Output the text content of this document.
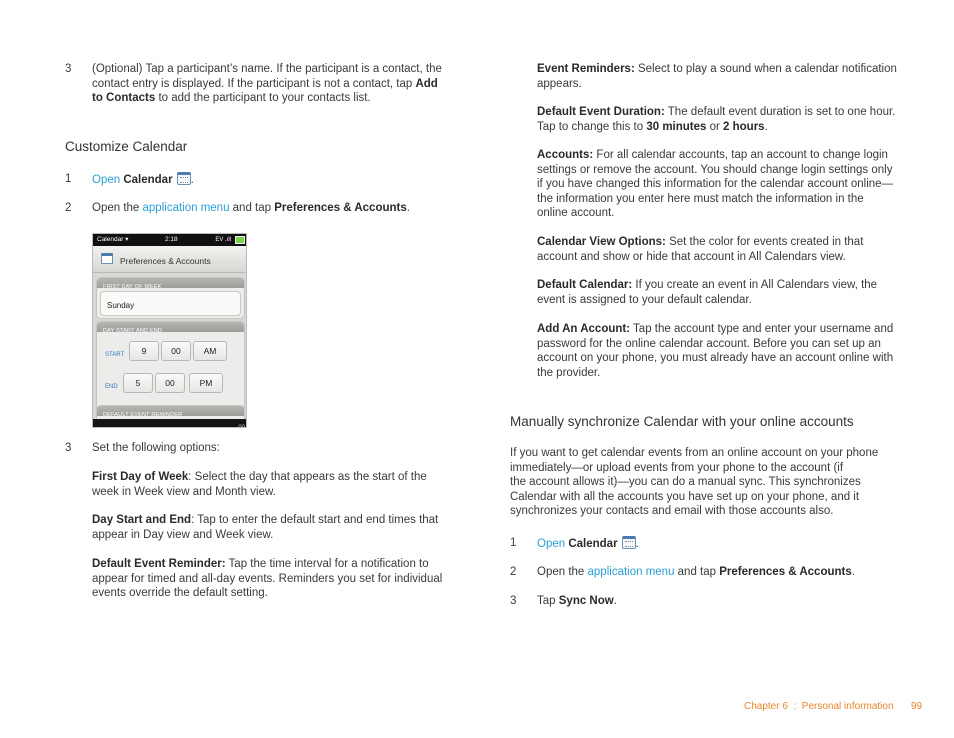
3 (Optional) Tap a participant’s name. If the participant is a contact, the
contact entry is displayed. If the participant is not a contact, tap Add
to Contacts to add the participant to your contacts list.
Customize Calendar
1 Open Calendar .
2 Open the application menu and tap Preferences & Accounts.
Calendar ▾	2:18	EV .ıll
Preferences & Accounts
FIRST DAY OF WEEK
Sunday
DAY START AND END
START	9	00	AM
END	5	00	PM
DEFAULT EVENT REMINDER
oo
3 Set the following options:
First Day of Week: Select the day that appears as the start of the
week in Week view and Month view.
Day Start and End: Tap to enter the default start and end times that
appear in Day view and Week view.
Default Event Reminder: Tap the time interval for a notification to
appear for timed and all-day events. Reminders you set for individual
events override the default setting.
Event Reminders: Select to play a sound when a calendar notification
appears.
Default Event Duration: The default event duration is set to one hour.
Tap to change this to 30 minutes or 2 hours.
Accounts: For all calendar accounts, tap an account to change login
settings or remove the account. You should change login settings only
if you have changed this information for the calendar account online—
the information you enter here must match the information in the
online account.
Calendar View Options: Set the color for events created in that
account and show or hide that account in All Calendars view.
Default Calendar: If you create an event in All Calendars view, the
event is assigned to your default calendar.
Add An Account: Tap the account type and enter your username and
password for the online calendar account. Before you can set up an
account on your phone, you must already have an account online with
the provider.
Manually synchronize Calendar with your online accounts
If you want to get calendar events from an online account on your phone
immediately—or upload events from your phone to the account (if
the account allows it)—you can do a manual sync. This synchronizes
Calendar with all the accounts you have set up on your phone, and it
synchronizes your contacts and email with those accounts also.
1 Open Calendar .
2 Open the application menu and tap Preferences & Accounts.
3 Tap Sync Now.
Chapter 6  :  Personal information 99
